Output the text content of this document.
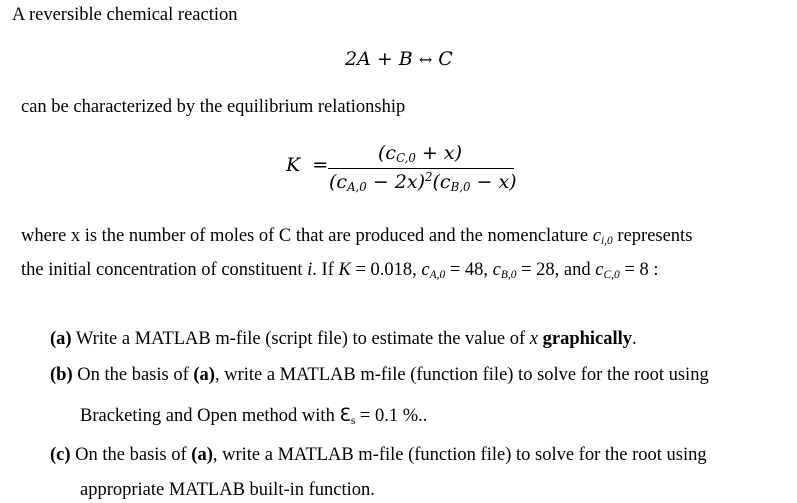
A reversible chemical reaction
2A + B ↔ C
can be characterized by the equilibrium relationship
K =
$(c_{C,0} + x)$
$(c_{A,0} - 2x)^2(c_{B,0} - x)$
where x is the number of moles of C that are produced and the nomenclature $c_{i,0}$ represents
the initial concentration of constituent i. If K = 0.018, $c_{A,0} = 48$, $c_{B,0} = 28$, and $c_{C,0} = 8$ :
(a) Write a MATLAB m-file (script file) to estimate the value of x graphically.
(b) On the basis of (a), write a MATLAB m-file (function file) to solve for the root using
Bracketing and Open method with ℇ$_s$ = 0.1 %..
(c) On the basis of (a), write a MATLAB m-file (function file) to solve for the root using
appropriate MATLAB built-in function.
